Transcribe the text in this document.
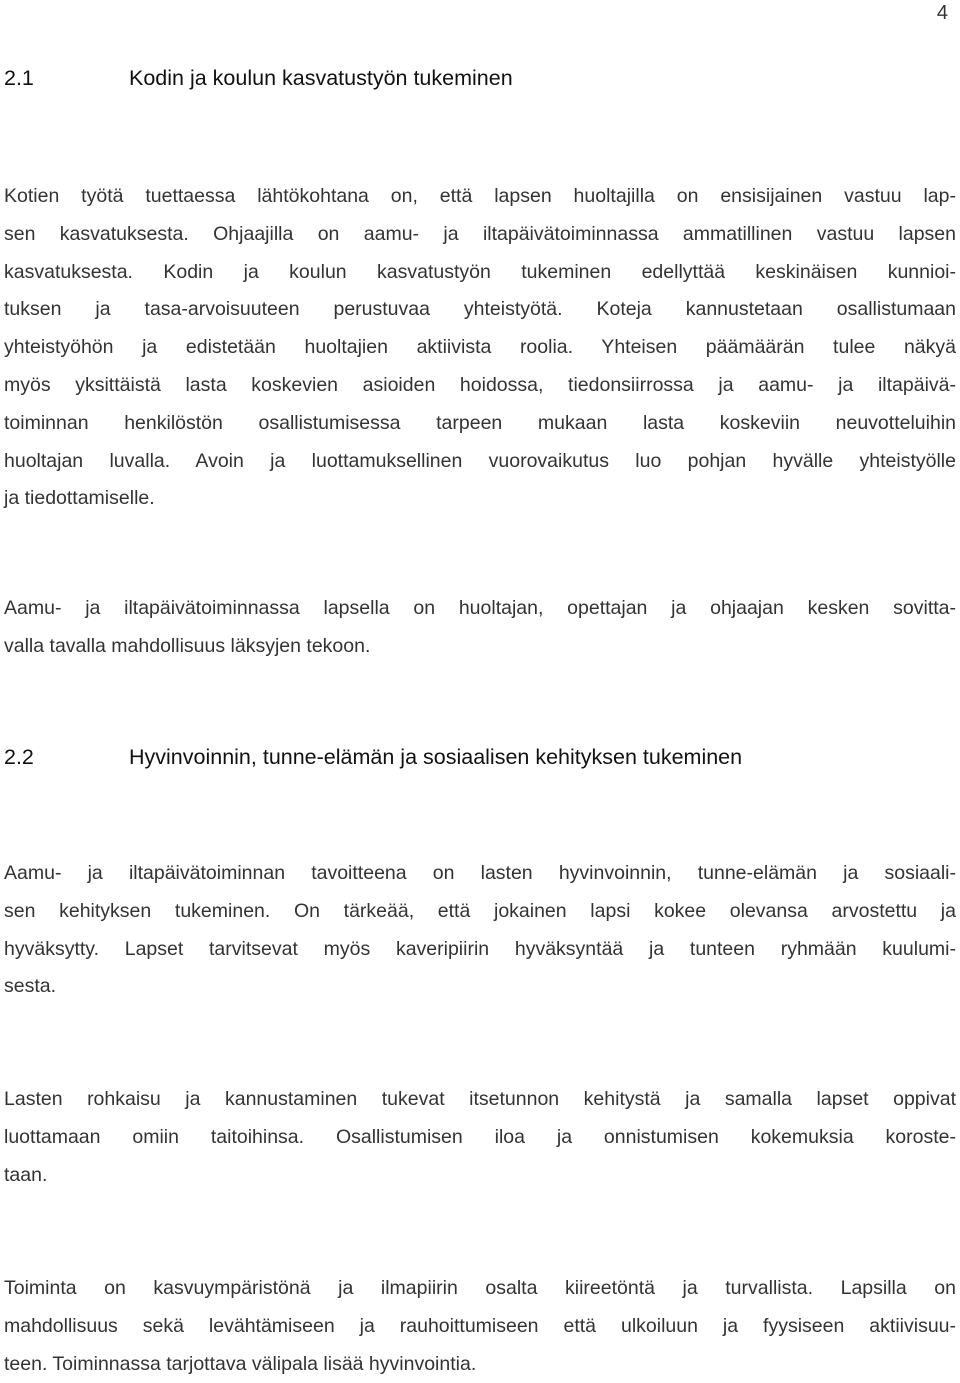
4
2.1	Kodin ja koulun kasvatustyön tukeminen

Kotien työtä tuettaessa lähtökohtana on, että lapsen huoltajilla on ensisijainen vastuu lap-
sen kasvatuksesta. Ohjaajilla on aamu- ja iltapäivätoiminnassa ammatillinen vastuu lapsen
kasvatuksesta. Kodin ja koulun kasvatustyön tukeminen edellyttää keskinäisen kunnioi-
tuksen ja tasa-arvoisuuteen perustuvaa yhteistyötä. Koteja kannustetaan osallistumaan
yhteistyöhön ja edistetään huoltajien aktiivista roolia. Yhteisen päämäärän tulee näkyä
myös yksittäistä lasta koskevien asioiden hoidossa, tiedonsiirrossa ja aamu- ja iltapäivä-
toiminnan henkilöstön osallistumisessa tarpeen mukaan lasta koskeviin neuvotteluihin
huoltajan luvalla. Avoin ja luottamuksellinen vuorovaikutus luo pohjan hyvälle yhteistyölle
ja tiedottamiselle.

Aamu- ja iltapäivätoiminnassa lapsella on huoltajan, opettajan ja ohjaajan kesken sovitta-
valla tavalla mahdollisuus läksyjen tekoon.

2.2	Hyvinvoinnin, tunne-elämän ja sosiaalisen kehityksen tukeminen

Aamu- ja iltapäivätoiminnan tavoitteena on lasten hyvinvoinnin, tunne-elämän ja sosiaali-
sen kehityksen tukeminen. On tärkeää, että jokainen lapsi kokee olevansa arvostettu ja
hyväksytty. Lapset tarvitsevat myös kaveripiirin hyväksyntää ja tunteen ryhmään kuulumi-
sesta.

Lasten rohkaisu ja kannustaminen tukevat itsetunnon kehitystä ja samalla lapset oppivat
luottamaan omiin taitoihinsa. Osallistumisen iloa ja onnistumisen kokemuksia koroste-
taan.

Toiminta on kasvuympäristönä ja ilmapiirin osalta kiireetöntä ja turvallista. Lapsilla on
mahdollisuus sekä levähtämiseen ja rauhoittumiseen että ulkoiluun ja fyysiseen aktiivisuu-
teen. Toiminnassa tarjottava välipala lisää hyvinvointia.
